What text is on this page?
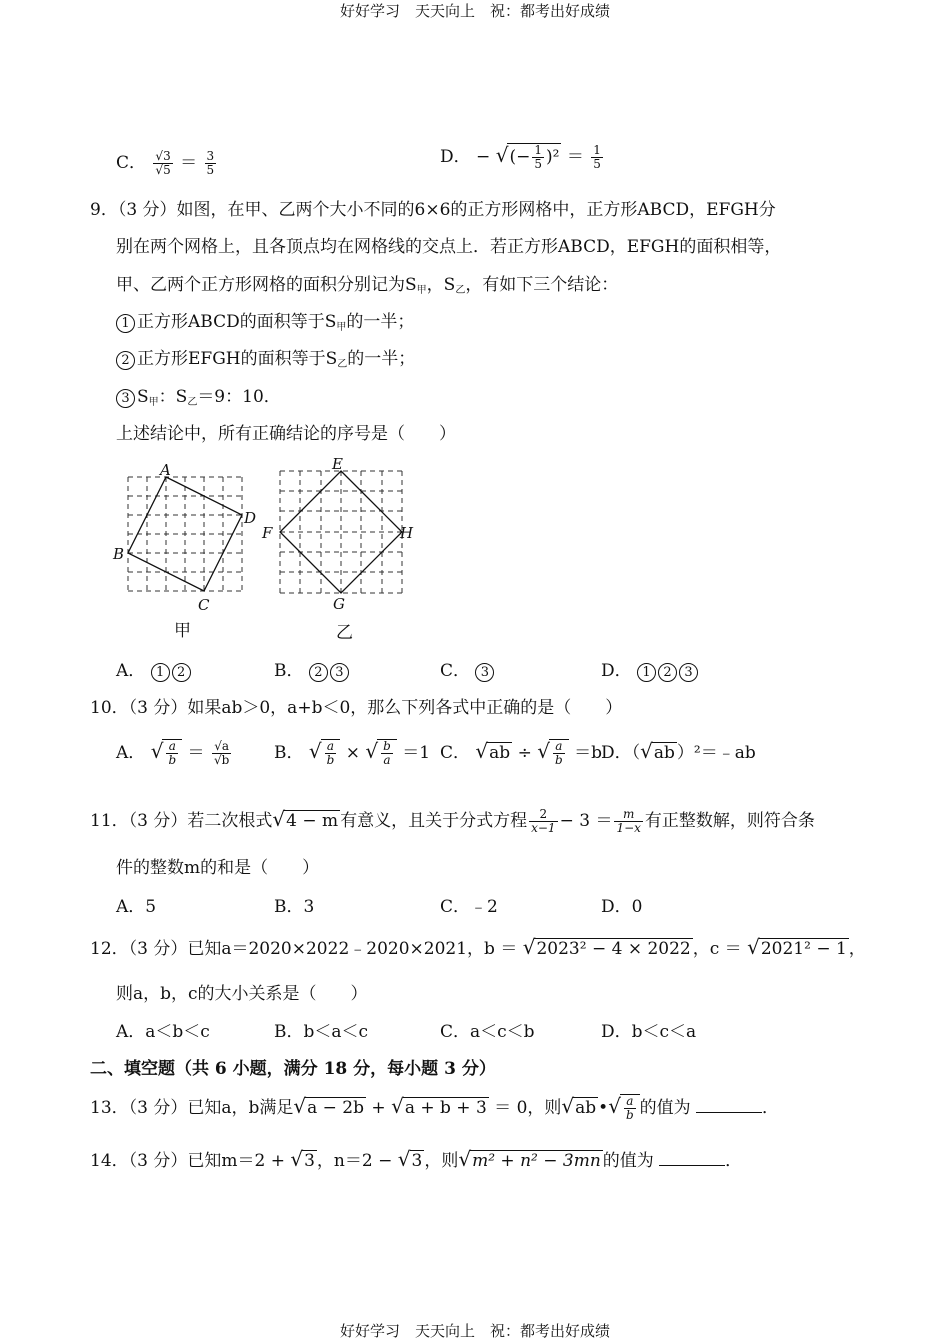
好好学习　天天向上　祝：都考出好成绩
C． $\frac{√3}{√5} = \frac{3}{5}$	D． − √(− $\frac{1}{5} )^2 = \frac{1}{5}$
9．（3 分）如图，在甲、乙两个大小不同的6×6的正方形网格中，正方形ABCD，EFGH分
别在两个网格上，且各顶点均在网格线的交点上．若正方形ABCD，EFGH的面积相等，
甲、乙两个正方形网格的面积分别记为$S_甲$，$S_乙$，有如下三个结论：
1 正方形ABCD的面积等于$S_甲$的一半；
2 正方形EFGH的面积等于$S_乙$的一半；
3 $S_甲$：$S_乙=9$：10．
上述结论中，所有正确结论的序号是（　　）
A
D
B
C
E
F	H
G
甲	乙
A． 1 2	B． 2 3	C． 3	D． 1 2 3
10．（3 分）如果ab＞0，a+b＜0，那么下列各式中正确的是（　　）
A． √ $\frac{a}{b} = \frac{√a}{√b}$	B． √ $\frac{a}{b}$ × √ $\frac{b}{a} =1$ C． √ab ÷ √ $\frac{a}{b} =b$ D．（√ab ）²＝﹣ab
11．（3 分）若二次根式√4 − m 有意义，且关于分式方程 $\frac{2}{x-1} - 3 = \frac{m}{1-x}$ 有正整数解，则符合条
件的整数m的和是（　　）
A．5	B．3	C．﹣2	D．0
12．（3 分）已知a＝2020×2022﹣2020×2021，b ＝ √2023² − 4 × 2022 ，c ＝ √2021² − 1 ，
则a，b，c的大小关系是（　　）
A．a＜b＜c	B．b＜a＜c	C．a＜c＜b	D．b＜c＜a
二、填空题（共 6 小题，满分 18 分，每小题 3 分）
13．（3 分）已知a，b满足√a − 2b + √a + b + 3 ＝ 0，则√ab •√ $\frac{a}{b}$ 的值为	．
14．（3 分）已知m＝2 + √3 ，n＝2 − √3 ，则√m² + n² − 3mn 的值为	．
好好学习　天天向上　祝：都考出好成绩
